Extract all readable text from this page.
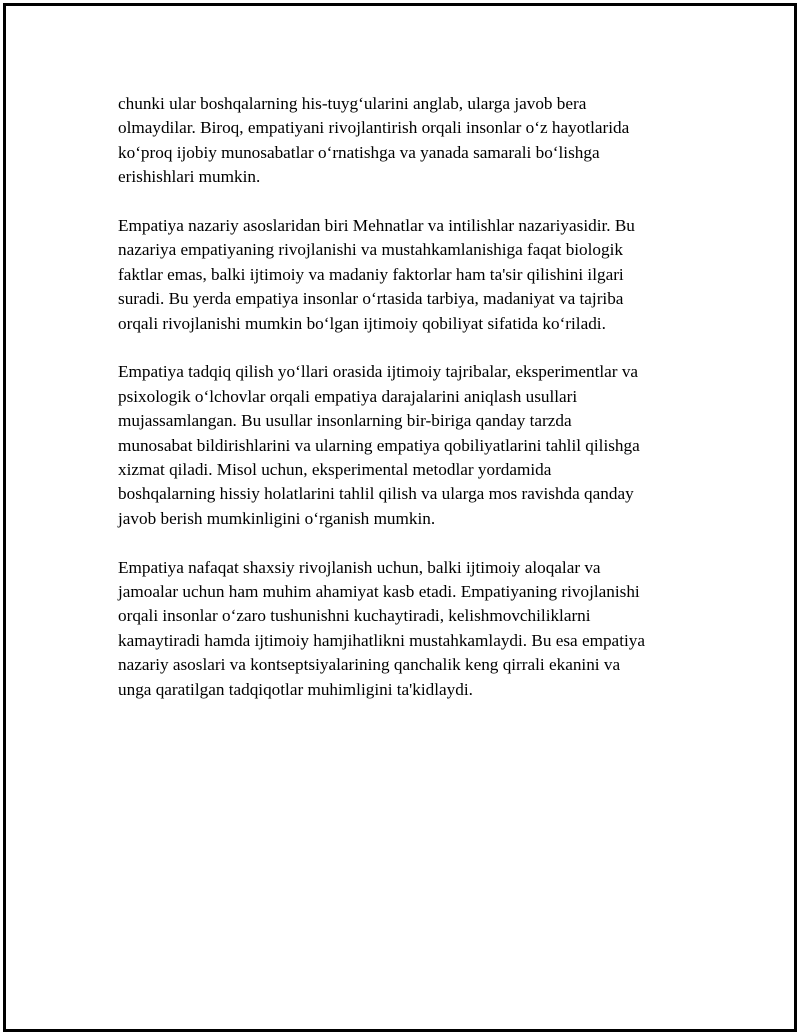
chunki ular boshqalarning his-tuyg‘ularini anglab, ularga javob bera
olmaydilar. Biroq, empatiyani rivojlantirish orqali insonlar o‘z hayotlarida
ko‘proq ijobiy munosabatlar o‘rnatishga va yanada samarali bo‘lishga
erishishlari mumkin.

Empatiya nazariy asoslaridan biri Mehnatlar va intilishlar nazariyasidir. Bu
nazariya empatiyaning rivojlanishi va mustahkamlanishiga faqat biologik
faktlar emas, balki ijtimoiy va madaniy faktorlar ham ta'sir qilishini ilgari
suradi. Bu yerda empatiya insonlar o‘rtasida tarbiya, madaniyat va tajriba
orqali rivojlanishi mumkin bo‘lgan ijtimoiy qobiliyat sifatida ko‘riladi.

Empatiya tadqiq qilish yo‘llari orasida ijtimoiy tajribalar, eksperimentlar va
psixologik o‘lchovlar orqali empatiya darajalarini aniqlash usullari
mujassamlangan. Bu usullar insonlarning bir-biriga qanday tarzda
munosabat bildirishlarini va ularning empatiya qobiliyatlarini tahlil qilishga
xizmat qiladi. Misol uchun, eksperimental metodlar yordamida
boshqalarning hissiy holatlarini tahlil qilish va ularga mos ravishda qanday
javob berish mumkinligini o‘rganish mumkin.

Empatiya nafaqat shaxsiy rivojlanish uchun, balki ijtimoiy aloqalar va
jamoalar uchun ham muhim ahamiyat kasb etadi. Empatiyaning rivojlanishi
orqali insonlar o‘zaro tushunishni kuchaytiradi, kelishmovchiliklarni
kamaytiradi hamda ijtimoiy hamjihatlikni mustahkamlaydi. Bu esa empatiya
nazariy asoslari va kontseptsiyalarining qanchalik keng qirrali ekanini va
unga qaratilgan tadqiqotlar muhimligini ta'kidlaydi.
